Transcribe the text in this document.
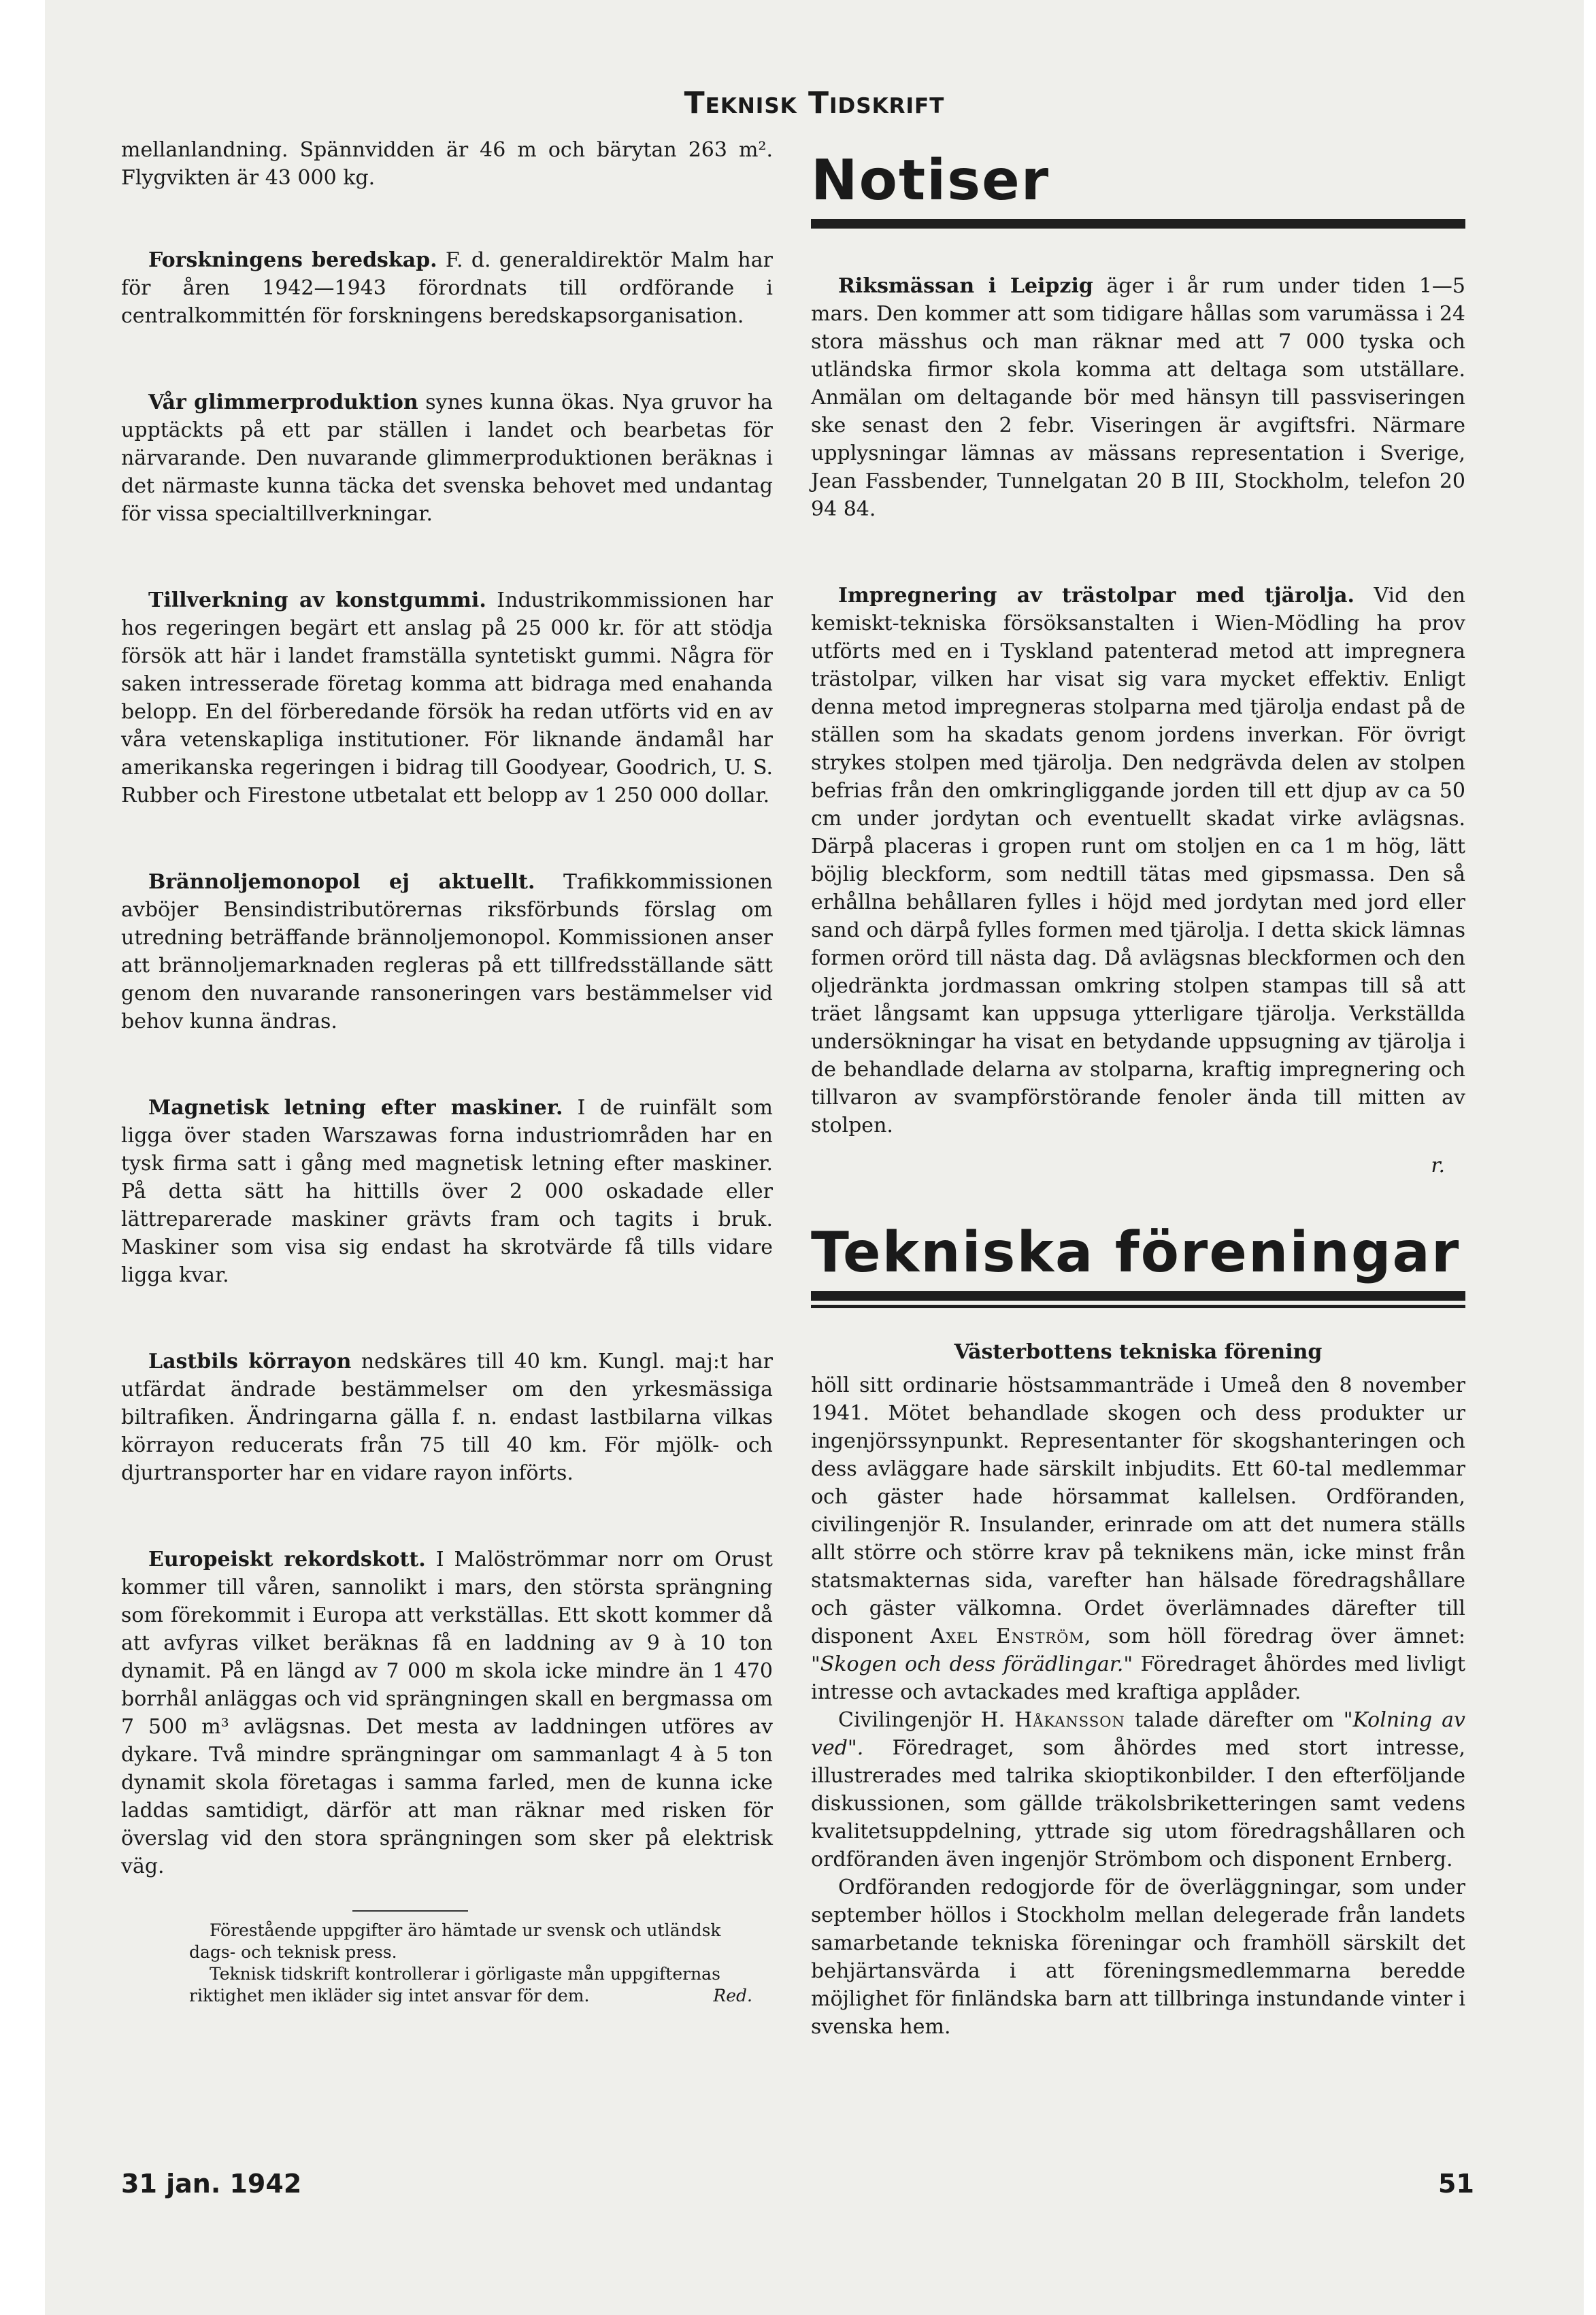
Teknisk Tidskrift

mellanlandning. Spännvidden är 46 m och bärytan 263 m². Flygvikten är 43 000 kg.

Forskningens beredskap. F. d. generaldirektör Malm har för åren 1942—1943 förordnats till ordförande i centralkommittén för forskningens beredskapsorganisation.

Vår glimmerproduktion synes kunna ökas. Nya gruvor ha upptäckts på ett par ställen i landet och bearbetas för närvarande. Den nuvarande glimmerproduktionen beräknas i det närmaste kunna täcka det svenska behovet med undantag för vissa specialtillverkningar.

Tillverkning av konstgummi. Industrikommissionen har hos regeringen begärt ett anslag på 25 000 kr. för att stödja försök att här i landet framställa syntetiskt gummi. Några för saken intresserade företag komma att bidraga med enahanda belopp. En del förberedande försök ha redan utförts vid en av våra vetenskapliga institutioner. För liknande ändamål har amerikanska regeringen i bidrag till Goodyear, Goodrich, U. S. Rubber och Firestone utbetalat ett belopp av 1 250 000 dollar.

Brännoljemonopol ej aktuellt. Trafikkommissionen avböjer Bensindistributörernas riksförbunds förslag om utredning beträffande brännoljemonopol. Kommissionen anser att brännoljemarknaden regleras på ett tillfredsställande sätt genom den nuvarande ransoneringen vars bestämmelser vid behov kunna ändras.

Magnetisk letning efter maskiner. I de ruinfält som ligga över staden Warszawas forna industriområden har en tysk firma satt i gång med magnetisk letning efter maskiner. På detta sätt ha hittills över 2 000 oskadade eller lättreparerade maskiner grävts fram och tagits i bruk. Maskiner som visa sig endast ha skrotvärde få tills vidare ligga kvar.

Lastbils körrayon nedskäres till 40 km. Kungl. maj:t har utfärdat ändrade bestämmelser om den yrkesmässiga biltrafiken. Ändringarna gälla f. n. endast lastbilarna vilkas körrayon reducerats från 75 till 40 km. För mjölk- och djurtransporter har en vidare rayon införts.

Europeiskt rekordskott. I Malöströmmar norr om Orust kommer till våren, sannolikt i mars, den största sprängning som förekommit i Europa att verkställas. Ett skott kommer då att avfyras vilket beräknas få en laddning av 9 à 10 ton dynamit. På en längd av 7 000 m skola icke mindre än 1 470 borrhål anläggas och vid sprängningen skall en bergmassa om 7 500 m³ avlägsnas. Det mesta av laddningen utföres av dykare. Två mindre sprängningar om sammanlagt 4 à 5 ton dynamit skola företagas i samma farled, men de kunna icke laddas samtidigt, därför att man räknar med risken för överslag vid den stora sprängningen som sker på elektrisk väg.

Förestående uppgifter äro hämtade ur svensk och utländsk dags- och teknisk press.

Teknisk tidskrift kontrollerar i görligaste mån uppgifternas riktighet men ikläder sig intet ansvar för dem.	Red.

Notiser

Riksmässan i Leipzig äger i år rum under tiden 1—5 mars. Den kommer att som tidigare hållas som varumässa i 24 stora mässhus och man räknar med att 7 000 tyska och utländska firmor skola komma att deltaga som utställare. Anmälan om deltagande bör med hänsyn till passviseringen ske senast den 2 febr. Viseringen är avgiftsfri. Närmare upplysningar lämnas av mässans representation i Sverige, Jean Fassbender, Tunnelgatan 20 B III, Stockholm, telefon 20 94 84.

Impregnering av trästolpar med tjärolja. Vid den kemiskt-tekniska försöksanstalten i Wien-Mödling ha prov utförts med en i Tyskland patenterad metod att impregnera trästolpar, vilken har visat sig vara mycket effektiv. Enligt denna metod impregneras stolparna med tjärolja endast på de ställen som ha skadats genom jordens inverkan. För övrigt strykes stolpen med tjärolja. Den nedgrävda delen av stolpen befrias från den omkringliggande jorden till ett djup av ca 50 cm under jordytan och eventuellt skadat virke avlägsnas. Därpå placeras i gropen runt om stoljen en ca 1 m hög, lätt böjlig bleckform, som nedtill tätas med gipsmassa. Den så erhållna behållaren fylles i höjd med jordytan med jord eller sand och därpå fylles formen med tjärolja. I detta skick lämnas formen orörd till nästa dag. Då avlägsnas bleckformen och den oljedränkta jordmassan omkring stolpen stampas till så att träet långsamt kan uppsuga ytterligare tjärolja. Verkställda undersökningar ha visat en betydande uppsugning av tjärolja i de behandlade delarna av stolparna, kraftig impregnering och tillvaron av svampförstörande fenoler ända till mitten av stolpen.

r.
Tekniska föreningar
Västerbottens tekniska förening

höll sitt ordinarie höstsammanträde i Umeå den 8 november 1941. Mötet behandlade skogen och dess produkter ur ingenjörssynpunkt. Representanter för skogshanteringen och dess avläggare hade särskilt inbjudits. Ett 60-tal medlemmar och gäster hade hörsammat kallelsen. Ordföranden, civilingenjör R. Insulander, erinrade om att det numera ställs allt större och större krav på teknikens män, icke minst från statsmakternas sida, varefter han hälsade föredragshållare och gäster välkomna. Ordet överlämnades därefter till disponent Axel Enström, som höll föredrag över ämnet: "Skogen och dess förädlingar." Föredraget åhördes med livligt intresse och avtackades med kraftiga applåder.

Civilingenjör H. Håkansson talade därefter om "Kolning av ved". Föredraget, som åhördes med stort intresse, illustrerades med talrika skioptikonbilder. I den efterföljande diskussionen, som gällde träkolsbriketteringen samt vedens kvalitetsuppdelning, yttrade sig utom föredragshållaren och ordföranden även ingenjör Strömbom och disponent Ernberg.

Ordföranden redogjorde för de överläggningar, som under september höllos i Stockholm mellan delegerade från landets samarbetande tekniska föreningar och framhöll särskilt det behjärtansvärda i att föreningsmedlemmarna beredde möjlighet för finländska barn att tillbringa instundande vinter i svenska hem.

31 jan. 1942	51
